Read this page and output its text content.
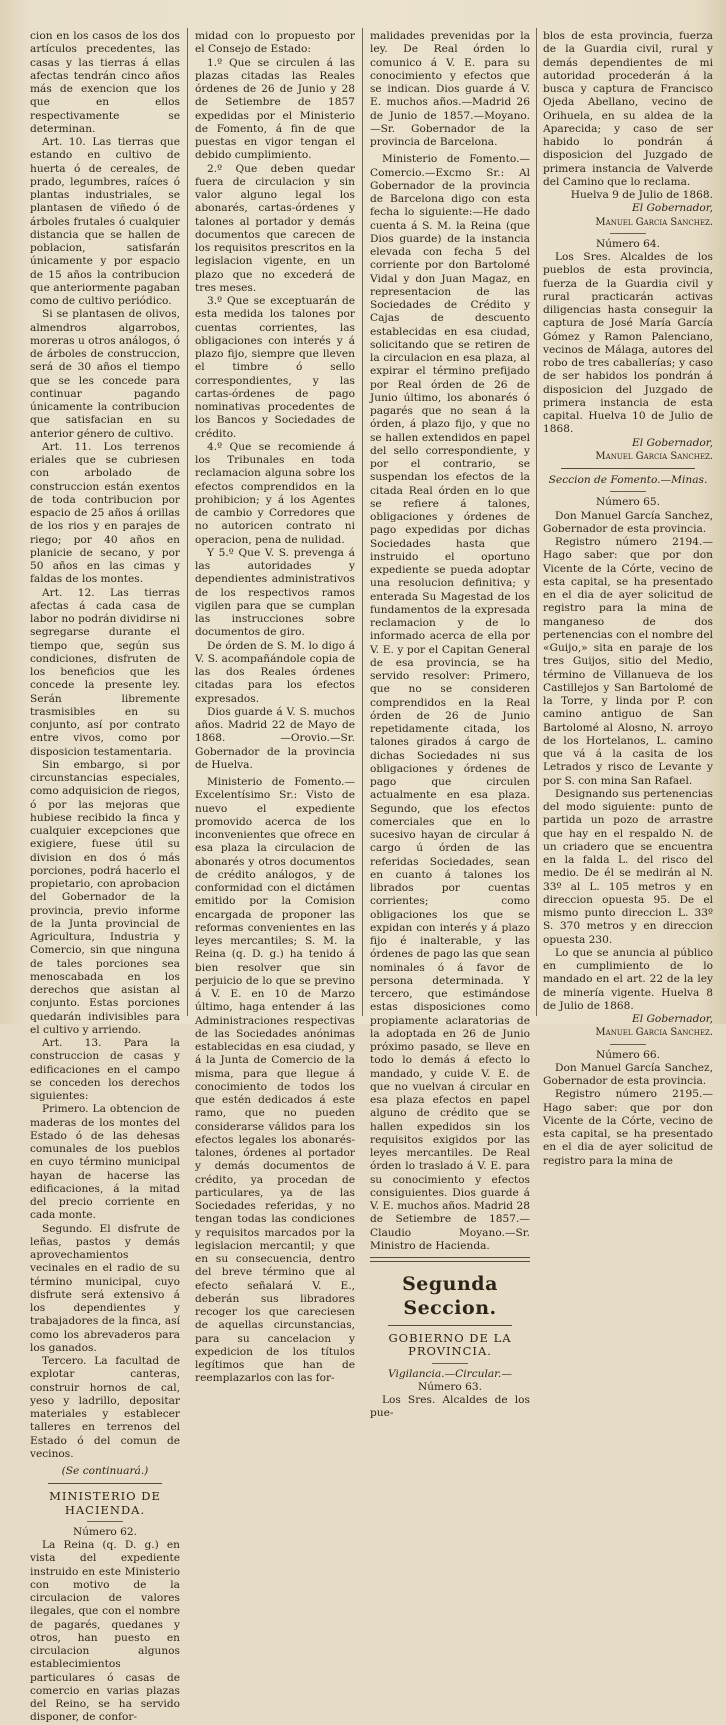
cion en los casos de los dos artículos precedentes, las casas y las tierras á ellas afectas tendrán cinco años más de exencion que los que en ellos respectivamente se determinan.

Art. 10. Las tierras que estando en cultivo de huerta ó de cereales, de prado, legumbres, raíces ó plantas industriales, se plantasen de viñedo ó de árboles frutales ó cualquier distancia que se hallen de poblacion, satisfarán únicamente y por espacio de 15 años la contribucion que anteriormente pagaban como de cultivo periódico.

Si se plantasen de olivos, almendros algarrobos, moreras u otros análogos, ó de árboles de construccion, será de 30 años el tiempo que se les concede para continuar pagando únicamente la contribucion que satisfacian en su anterior género de cultivo.

Art. 11. Los terrenos eriales que se cubriesen con arbolado de construccion están exentos de toda contribucion por espacio de 25 años á orillas de los rios y en parajes de riego; por 40 años en planicie de secano, y por 50 años en las cimas y faldas de los montes.

Art. 12. Las tierras afectas á cada casa de labor no podrán dividirse ni segregarse durante el tiempo que, según sus condiciones, disfruten de los beneficios que les concede la presente ley. Serán libremente trasmisibles en su conjunto, así por contrato entre vivos, como por disposicion testamentaria.

Sin embargo, si por circunstancias especiales, como adquisicion de riegos, ó por las mejoras que hubiese recibido la finca y cualquier excepciones que exigiere, fuese útil su division en dos ó más porciones, podrá hacerlo el propietario, con aprobacion del Gobernador de la provincia, previo informe de la Junta provincial de Agricultura, Industria y Comercio, sin que ninguna de tales porciones sea menoscabada en los derechos que asistan al conjunto. Estas porciones quedarán indivisibles para el cultivo y arriendo.

Art. 13. Para la construccion de casas y edificaciones en el campo se conceden los derechos siguientes:

Primero. La obtencion de maderas de los montes del Estado ó de las dehesas comunales de los pueblos en cuyo término municipal hayan de hacerse las edificaciones, á la mitad del precio corriente en cada monte.

Segundo. El disfrute de leñas, pastos y demás aprovechamientos vecinales en el radio de su término municipal, cuyo disfrute será extensivo á los dependientes y trabajadores de la finca, así como los abrevaderos para los ganados.

Tercero. La facultad de explotar canteras, construir hornos de cal, yeso y ladrillo, depositar materiales y establecer talleres en terrenos del Estado ó del comun de vecinos.

(Se continuará.)

MINISTERIO DE HACIENDA.

Número 62.

La Reina (q. D. g.) en vista del expediente instruido en este Ministerio con motivo de la circulacion de valores ilegales, que con el nombre de pagarés, quedanes y otros, han puesto en circulacion algunos establecimientos particulares ó casas de comercio en varias plazas del Reino, se ha servido disponer, de confor-

midad con lo propuesto por el Consejo de Estado:

1.º Que se circulen á las plazas citadas las Reales órdenes de 26 de Junio y 28 de Setiembre de 1857 expedidas por el Ministerio de Fomento, á fin de que puestas en vigor tengan el debido cumplimiento.

2.º Que deben quedar fuera de circulacion y sin valor alguno legal los abonarés, cartas-órdenes y talones al portador y demás documentos que carecen de los requisitos prescritos en la legislacion vigente, en un plazo que no excederá de tres meses.

3.º Que se exceptuarán de esta medida los talones por cuentas corrientes, las obligaciones con interés y á plazo fijo, siempre que lleven el timbre ó sello correspondientes, y las cartas-órdenes de pago nominativas procedentes de los Bancos y Sociedades de crédito.

4.º Que se recomiende á los Tribunales en toda reclamacion alguna sobre los efectos comprendidos en la prohibicion; y á los Agentes de cambio y Corredores que no autoricen contrato ni operacion, pena de nulidad.

Y 5.º Que V. S. prevenga á las autoridades y dependientes administrativos de los respectivos ramos vigilen para que se cumplan las instrucciones sobre documentos de giro.

De órden de S. M. lo digo á V. S. acompañándole copia de las dos Reales órdenes citadas para los efectos expresados.

Dios guarde á V. S. muchos años. Madrid 22 de Mayo de 1868. —Orovio.—Sr. Gobernador de la provincia de Huelva.

Ministerio de Fomento.—Excelentísimo Sr.: Visto de nuevo el expediente promovido acerca de los inconvenientes que ofrece en esa plaza la circulacion de abonarés y otros documentos de crédito análogos, y de conformidad con el dictámen emitido por la Comision encargada de proponer las reformas convenientes en las leyes mercantiles; S. M. la Reina (q. D. g.) ha tenido á bien resolver que sin perjuicio de lo que se previno á V. E. en 10 de Marzo último, haga entender á las Administraciones respectivas de las Sociedades anónimas establecidas en esa ciudad, y á la Junta de Comercio de la misma, para que llegue á conocimiento de todos los que estén dedicados á este ramo, que no pueden considerarse válidos para los efectos legales los abonarés-talones, órdenes al portador y demás documentos de crédito, ya procedan de particulares, ya de las Sociedades referidas, y no tengan todas las condiciones y requisitos marcados por la legislacion mercantil; y que en su consecuencia, dentro del breve término que al efecto señalará V. E., deberán sus libradores recoger los que careciesen de aquellas circunstancias, para su cancelacion y expedicion de los títulos legítimos que han de reemplazarlos con las for-

malidades prevenidas por la ley. De Real órden lo comunico á V. E. para su conocimiento y efectos que se indican. Dios guarde á V. E. muchos años.—Madrid 26 de Junio de 1857.—Moyano.—Sr. Gobernador de la provincia de Barcelona.

Ministerio de Fomento.—Comercio.—Excmo Sr.: Al Gobernador de la provincia de Barcelona digo con esta fecha lo siguiente:—He dado cuenta á S. M. la Reina (que Dios guarde) de la instancia elevada con fecha 5 del corriente por don Bartolomé Vidal y don Juan Magaz, en representacion de las Sociedades de Crédito y Cajas de descuento establecidas en esa ciudad, solicitando que se retiren de la circulacion en esa plaza, al expirar el término prefijado por Real órden de 26 de Junio último, los abonarés ó pagarés que no sean á la órden, á plazo fijo, y que no se hallen extendidos en papel del sello correspondiente, y por el contrario, se suspendan los efectos de la citada Real órden en lo que se refiere á talones, obligaciones y órdenes de pago expedidas por dichas Sociedades hasta que instruido el oportuno expediente se pueda adoptar una resolucion definitiva; y enterada Su Magestad de los fundamentos de la expresada reclamacion y de lo informado acerca de ella por V. E. y por el Capitan General de esa provincia, se ha servido resolver: Primero, que no se consideren comprendidos en la Real órden de 26 de Junio repetidamente citada, los talones girados á cargo de dichas Sociedades ni sus obligaciones y órdenes de pago que circulen actualmente en esa plaza. Segundo, que los efectos comerciales que en lo sucesivo hayan de circular á cargo ú órden de las referidas Sociedades, sean en cuanto á talones los librados por cuentas corrientes; como obligaciones los que se expidan con interés y á plazo fijo é inalterable, y las órdenes de pago las que sean nominales ó á favor de persona determinada. Y tercero, que estimándose estas disposiciones como propiamente aclaratorias de la adoptada en 26 de Junio próximo pasado, se lleve en todo lo demás á efecto lo mandado, y cuide V. E. de que no vuelvan á circular en esa plaza efectos en papel alguno de crédito que se hallen expedidos sin los requisitos exigidos por las leyes mercantiles. De Real órden lo traslado á V. E. para su conocimiento y efectos consiguientes. Dios guarde á V. E. muchos años. Madrid 28 de Setiembre de 1857.—Claudio Moyano.—Sr. Ministro de Hacienda.

Segunda Seccion.

GOBIERNO DE LA PROVINCIA.

Vigilancia.—Circular.—

Número 63.

Los Sres. Alcaldes de los pue-

blos de esta provincia, fuerza de la Guardia civil, rural y demás dependientes de mi autoridad procederán á la busca y captura de Francisco Ojeda Abellano, vecino de Orihuela, en su aldea de la Aparecida; y caso de ser habido lo pondrán á disposicion del Juzgado de primera instancia de Valverde del Camino que lo reclama.

Huelva 9 de Julio de 1868.

El Gobernador,

Manuel Garcia Sanchez.

Número 64.

Los Sres. Alcaldes de los pueblos de esta provincia, fuerza de la Guardia civil y rural practicarán activas diligencias hasta conseguir la captura de José María García Gómez y Ramon Palenciano, vecinos de Málaga, autores del robo de tres caballerías; y caso de ser habidos los pondrán á disposicion del Juzgado de primera instancia de esta capital. Huelva 10 de Julio de 1868.

El Gobernador,

Manuel Garcia Sanchez.

Seccion de Fomento.—Minas.

Número 65.

Don Manuel García Sanchez, Gobernador de esta provincia.

Registro número 2194.—Hago saber: que por don Vicente de la Córte, vecino de esta capital, se ha presentado en el dia de ayer solicitud de registro para la mina de manganeso de dos pertenencias con el nombre del «Guijo,» sita en paraje de los tres Guijos, sitio del Medio, término de Villanueva de los Castillejos y San Bartolomé de la Torre, y linda por P. con camino antiguo de San Bartolomé al Alosno, N. arroyo de los Hortelanos, L. camino que vá á la casita de los Letrados y risco de Levante y por S. con mina San Rafael.

Designando sus pertenencias del modo siguiente: punto de partida un pozo de arrastre que hay en el respaldo N. de un criadero que se encuentra en la falda L. del risco del medio. De él se medirán al N. 33º al L. 105 metros y en direccion opuesta 95. De el mismo punto direccion L. 33º S. 370 metros y en direccion opuesta 230.

Lo que se anuncia al público en cumplimiento de lo mandado en el art. 22 de la ley de minería vigente. Huelva 8 de Julio de 1868.

El Gobernador,

Manuel Garcia Sanchez.

Número 66.

Don Manuel García Sanchez, Gobernador de esta provincia.

Registro número 2195.—Hago saber: que por don Vicente de la Córte, vecino de esta capital, se ha presentado en el dia de ayer solicitud de registro para la mina de
